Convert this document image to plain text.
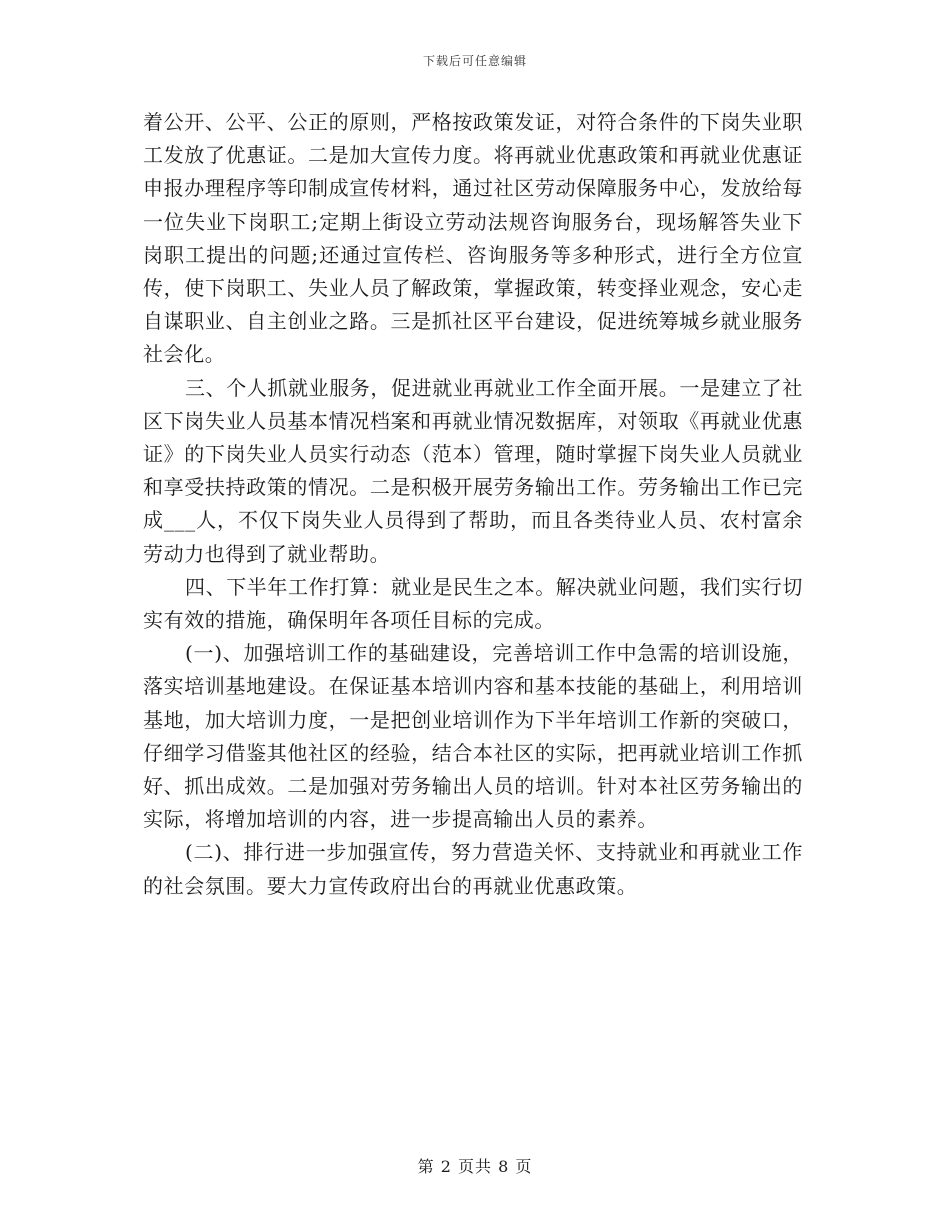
下载后可任意编辑

着公开、公平、公正的原则，严格按政策发证，对符合条件的下岗失业职工发放了优惠证。二是加大宣传力度。将再就业优惠政策和再就业优惠证申报办理程序等印制成宣传材料，通过社区劳动保障服务中心，发放给每一位失业下岗职工;定期上街设立劳动法规咨询服务台，现场解答失业下岗职工提出的问题;还通过宣传栏、咨询服务等多种形式，进行全方位宣传，使下岗职工、失业人员了解政策，掌握政策，转变择业观念，安心走自谋职业、自主创业之路。三是抓社区平台建设，促进统筹城乡就业服务社会化。

三、个人抓就业服务，促进就业再就业工作全面开展。一是建立了社区下岗失业人员基本情况档案和再就业情况数据库，对领取《再就业优惠证》的下岗失业人员实行动态（范本）管理，随时掌握下岗失业人员就业和享受扶持政策的情况。二是积极开展劳务输出工作。劳务输出工作已完成___人，不仅下岗失业人员得到了帮助，而且各类待业人员、农村富余劳动力也得到了就业帮助。

四、下半年工作打算：就业是民生之本。解决就业问题，我们实行切实有效的措施，确保明年各项任目标的完成。

(一)、加强培训工作的基础建设，完善培训工作中急需的培训设施，落实培训基地建设。在保证基本培训内容和基本技能的基础上，利用培训基地，加大培训力度，一是把创业培训作为下半年培训工作新的突破口，仔细学习借鉴其他社区的经验，结合本社区的实际，把再就业培训工作抓好、抓出成效。二是加强对劳务输出人员的培训。针对本社区劳务输出的实际，将增加培训的内容，进一步提高输出人员的素养。

(二)、排行进一步加强宣传，努力营造关怀、支持就业和再就业工作的社会氛围。要大力宣传政府出台的再就业优惠政策。

第 2 页共 8 页
